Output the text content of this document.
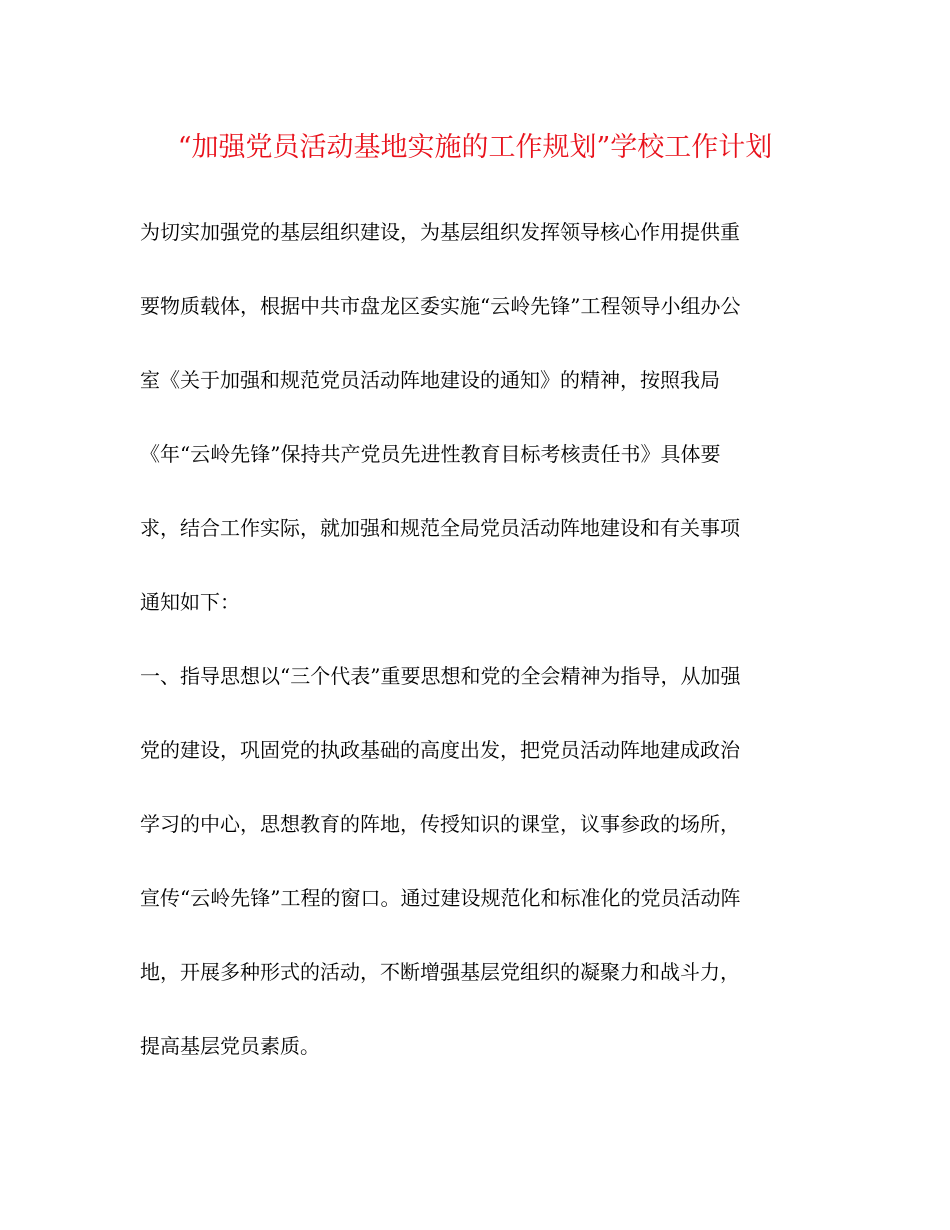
“加强党员活动基地实施的工作规划”学校工作计划
为切实加强党的基层组织建设，为基层组织发挥领导核心作用提供重
要物质载体，根据中共市盘龙区委实施“云岭先锋”工程领导小组办公
室《关于加强和规范党员活动阵地建设的通知》的精神，按照我局
《年“云岭先锋”保持共产党员先进性教育目标考核责任书》具体要
求，结合工作实际，就加强和规范全局党员活动阵地建设和有关事项
通知如下：
一、指导思想以“三个代表”重要思想和党的全会精神为指导，从加强
党的建设，巩固党的执政基础的高度出发，把党员活动阵地建成政治
学习的中心，思想教育的阵地，传授知识的课堂，议事参政的场所，
宣传“云岭先锋”工程的窗口。通过建设规范化和标准化的党员活动阵
地，开展多种形式的活动，不断增强基层党组织的凝聚力和战斗力，
提高基层党员素质。
